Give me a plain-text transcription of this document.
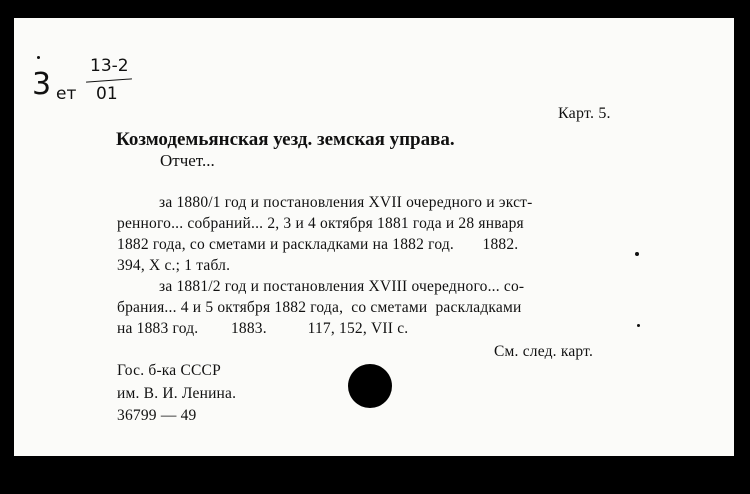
3 ет
13-2
01
Карт. 5.
Козмодемьянская уезд. земская управа.
Отчет...
за 1880/1 год и постановления XVII очередного и экст-
ренного... собраний... 2, 3 и 4 октября 1881 года и 28 января
1882 года, со сметами и раскладками на 1882 год.       1882.
394, X с.; 1 табл.
за 1881/2 год и постановления XVIII очередного... со-
брания... 4 и 5 октября 1882 года,  со сметами  раскладками
на 1883 год.        1883.          117, 152, VII с.
См. след. карт.
Гос. б-ка СССР
им. В. И. Ленина.
36799 — 49
